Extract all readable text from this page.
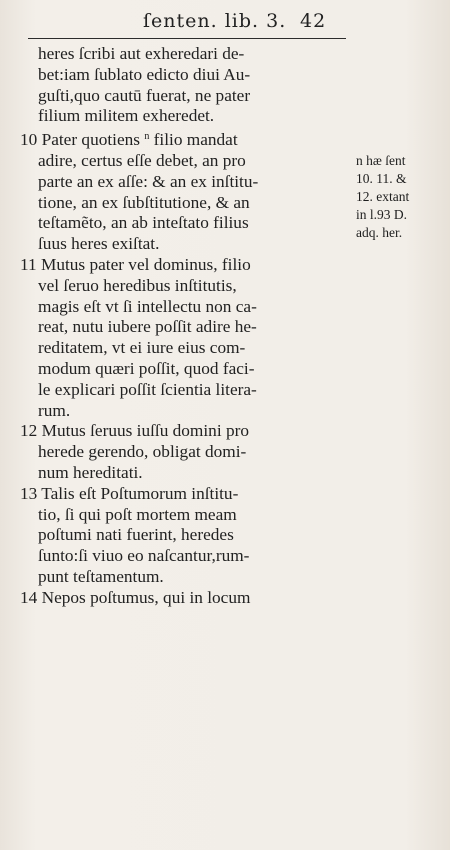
ſenten. lib. 3. 42
heres ſcribi aut exheredari de-
bet:iam ſublato edicto diui Au-
guſti,quo cautū fuerat, ne pater
filium militem exheredet.
10 Pater quotiens $^n$ filio mandat
adire, certus eſſe debet, an pro
parte an ex aſſe: & an ex inſtitu-
tione, an ex ſubſtitutione, & an
teſtamẽto, an ab inteſtato filius
ſuus heres exiſtat.
11 Mutus pater vel dominus, filio
vel ſeruo heredibus inſtitutis,
magis eſt vt ſi intellectu non ca-
reat, nutu iubere poſſit adire he-
reditatem, vt ei iure eius com-
modum quæri poſſit, quod faci-
le explicari poſſit ſcientia litera-
rum.
12 Mutus ſeruus iuſſu domini pro
herede gerendo, obligat domi-
num hereditati.
13 Talis eſt Poſtumorum inſtitu-
tio, ſi qui poſt mortem meam
poſtumi nati fuerint, heredes
ſunto:ſi viuo eo naſcantur,rum-
punt teſtamentum.
14 Nepos poſtumus, qui in locum
n hæ ſent
10. 11. &
12. extant
in l.93 D.
adq. her.
